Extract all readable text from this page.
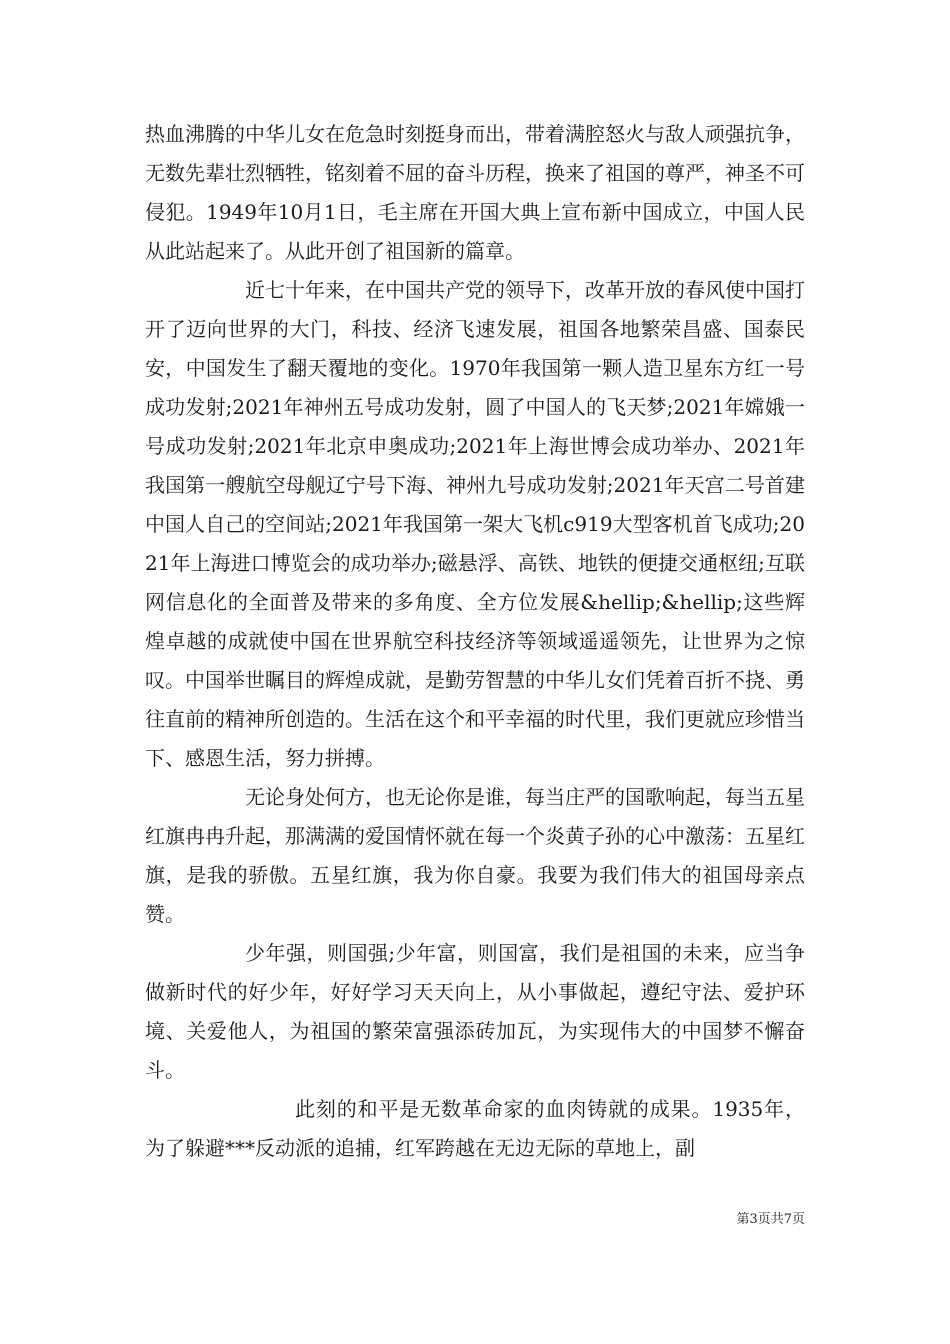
热血沸腾的中华儿女在危急时刻挺身而出，带着满腔怒火与敌人顽强抗争，无数先辈壮烈牺牲，铭刻着不屈的奋斗历程，换来了祖国的尊严，神圣不可侵犯。1949年10月1日，毛主席在开国大典上宣布新中国成立，中国人民从此站起来了。从此开创了祖国新的篇章。

近七十年来，在中国共产党的领导下，改革开放的春风使中国打开了迈向世界的大门，科技、经济飞速发展，祖国各地繁荣昌盛、国泰民安，中国发生了翻天覆地的变化。1970年我国第一颗人造卫星东方红一号成功发射;2021年神州五号成功发射，圆了中国人的飞天梦;2021年嫦娥一号成功发射;2021年北京申奥成功;2021年上海世博会成功举办、2021年我国第一艘航空母舰辽宁号下海、神州九号成功发射;2021年天宫二号首建中国人自己的空间站;2021年我国第一架大飞机c919大型客机首飞成功;2021年上海进口博览会的成功举办;磁悬浮、高铁、地铁的便捷交通枢纽;互联网信息化的全面普及带来的多角度、全方位发展&hellip;&hellip;这些辉煌卓越的成就使中国在世界航空科技经济等领域遥遥领先，让世界为之惊叹。中国举世瞩目的辉煌成就，是勤劳智慧的中华儿女们凭着百折不挠、勇往直前的精神所创造的。生活在这个和平幸福的时代里，我们更就应珍惜当下、感恩生活，努力拼搏。

无论身处何方，也无论你是谁，每当庄严的国歌响起，每当五星红旗冉冉升起，那满满的爱国情怀就在每一个炎黄子孙的心中激荡：五星红旗，是我的骄傲。五星红旗，我为你自豪。我要为我们伟大的祖国母亲点赞。

少年强，则国强;少年富，则国富，我们是祖国的未来，应当争做新时代的好少年，好好学习天天向上，从小事做起，遵纪守法、爱护环境、关爱他人，为祖国的繁荣富强添砖加瓦，为实现伟大的中国梦不懈奋斗。

此刻的和平是无数革命家的血肉铸就的成果。1935年，为了躲避***反动派的追捕，红军跨越在无边无际的草地上，副

第3页共7页
